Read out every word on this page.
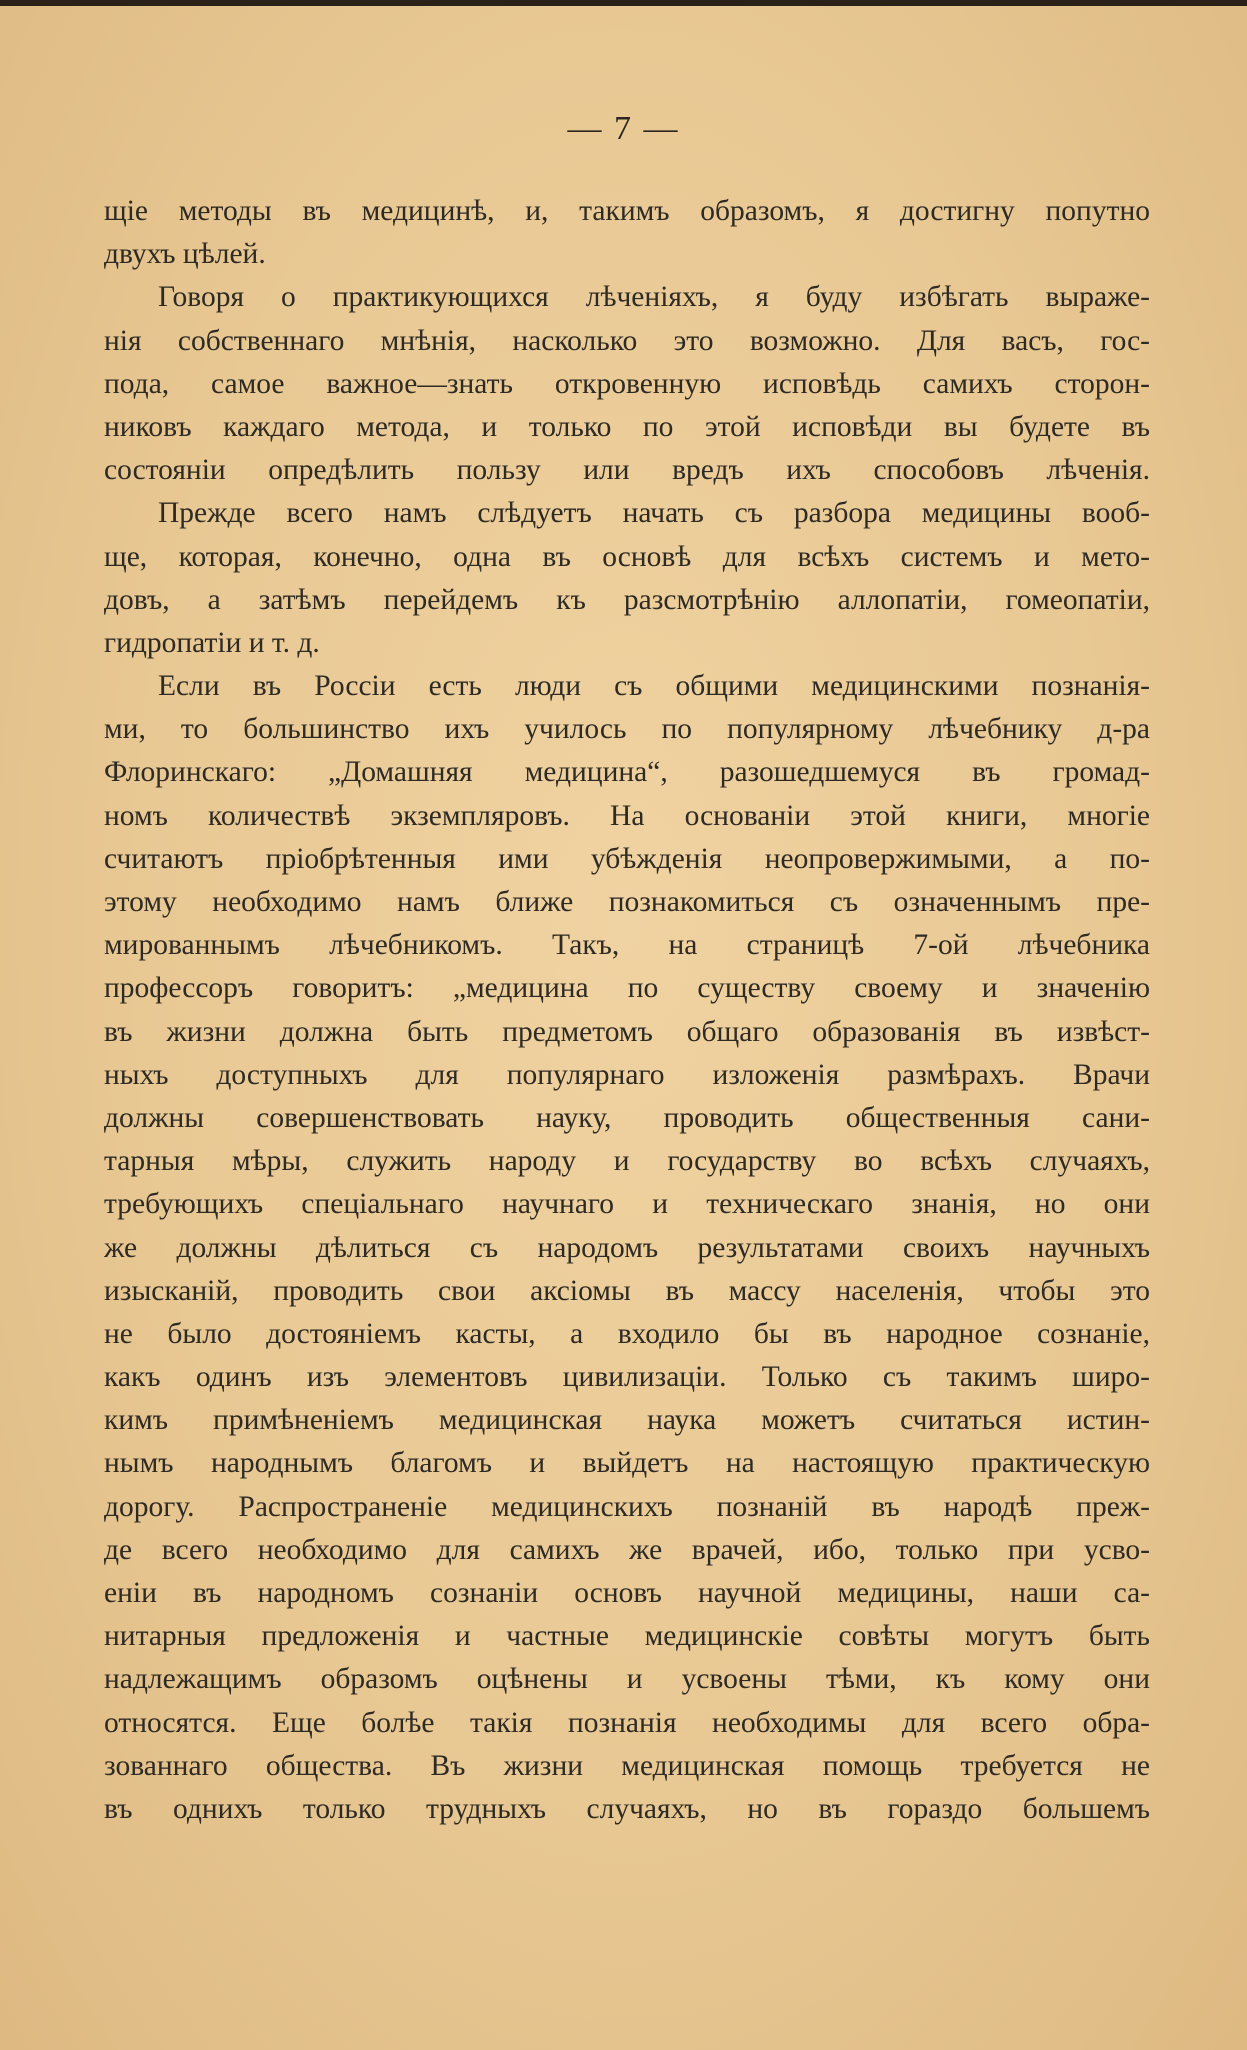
— 7 —
щіе методы въ медицинѣ, и, такимъ образомъ, я достигну попутно
двухъ цѣлей.
Говоря о практикующихся лѣченіяхъ, я буду избѣгать выраже-
нія собственнаго мнѣнія, насколько это возможно. Для васъ, гос-
пода, самое важное—знать откровенную исповѣдь самихъ сторон-
никовъ каждаго метода, и только по этой исповѣди вы будете въ
состояніи опредѣлить пользу или вредъ ихъ способовъ лѣченія.
Прежде всего намъ слѣдуетъ начать съ разбора медицины вооб-
ще, которая, конечно, одна въ основѣ для всѣхъ системъ и мето-
довъ, а затѣмъ перейдемъ къ разсмотрѣнію аллопатіи, гомеопатіи,
гидропатіи и т. д.
Если въ Россіи есть люди съ общими медицинскими познанія-
ми, то большинство ихъ училось по популярному лѣчебнику д-ра
Флоринскаго: „Домашняя медицина“, разошедшемуся въ громад-
номъ количествѣ экземпляровъ. На основаніи этой книги, многіе
считаютъ пріобрѣтенныя ими убѣжденія неопровержимыми, а по-
этому необходимо намъ ближе познакомиться съ означеннымъ пре-
мированнымъ лѣчебникомъ. Такъ, на страницѣ 7-ой лѣчебника
профессоръ говоритъ: „медицина по существу своему и значенію
въ жизни должна быть предметомъ общаго образованія въ извѣст-
ныхъ доступныхъ для популярнаго изложенія размѣрахъ. Врачи
должны совершенствовать науку, проводить общественныя сани-
тарныя мѣры, служить народу и государству во всѣхъ случаяхъ,
требующихъ спеціальнаго научнаго и техническаго знанія, но они
же должны дѣлиться съ народомъ результатами своихъ научныхъ
изысканій, проводить свои аксіомы въ массу населенія, чтобы это
не было достояніемъ касты, а входило бы въ народное сознаніе,
какъ одинъ изъ элементовъ цивилизаціи. Только съ такимъ широ-
кимъ примѣненіемъ медицинская наука можетъ считаться истин-
нымъ народнымъ благомъ и выйдетъ на настоящую практическую
дорогу. Распространеніе медицинскихъ познаній въ народѣ преж-
де всего необходимо для самихъ же врачей, ибо, только при усво-
еніи въ народномъ сознаніи основъ научной медицины, наши са-
нитарныя предложенія и частные медицинскіе совѣты могутъ быть
надлежащимъ образомъ оцѣнены и усвоены тѣми, къ кому они
относятся. Еще болѣе такія познанія необходимы для всего обра-
зованнаго общества. Въ жизни медицинская помощь требуется не
въ однихъ только трудныхъ случаяхъ, но въ гораздо большемъ
